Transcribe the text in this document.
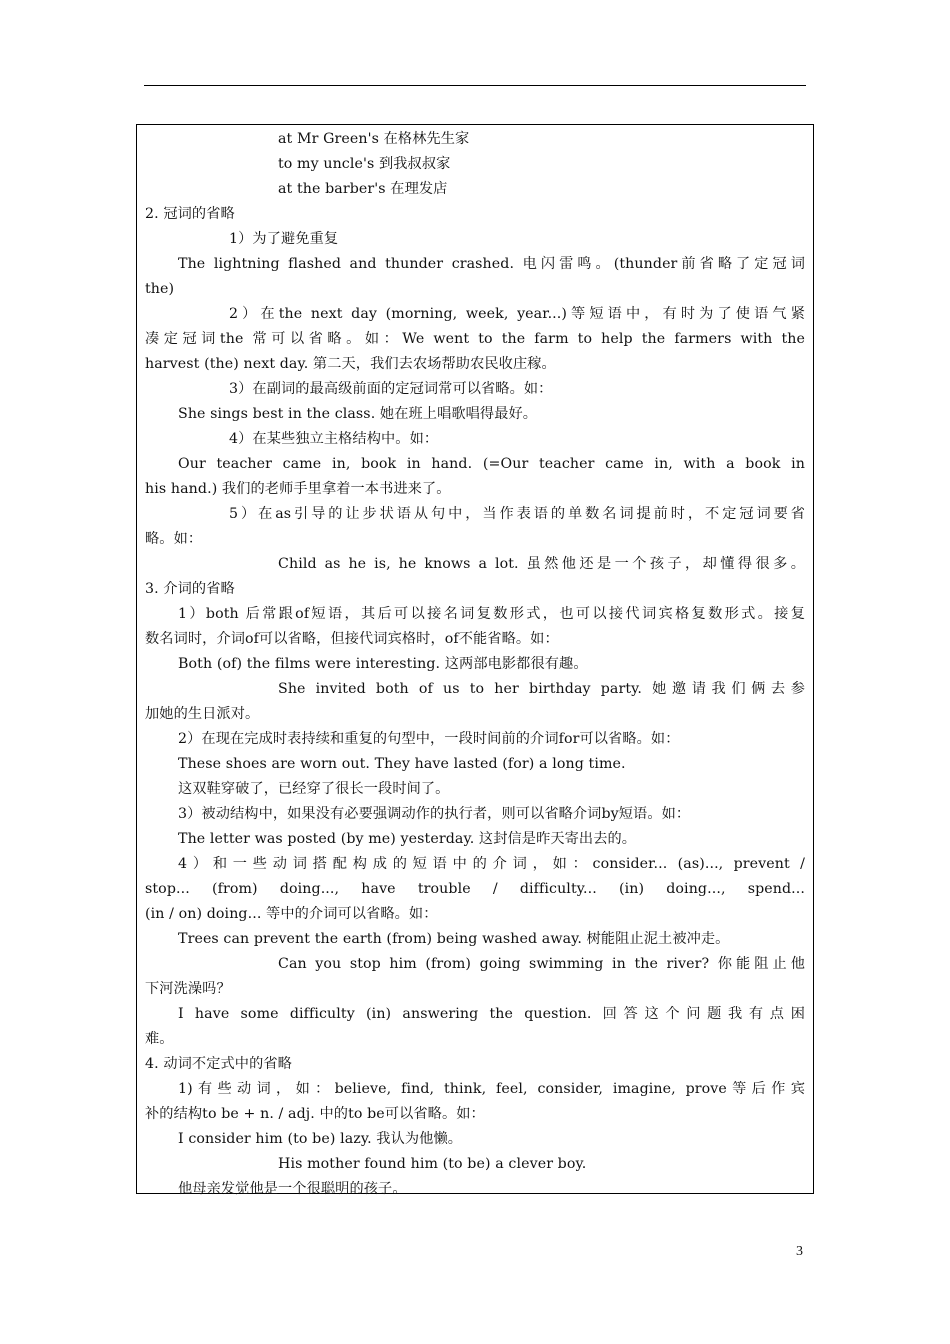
at Mr Green's 在格林先生家
to my uncle's 到我叔叔家
at the barber's 在理发店
2. 冠词的省略
1）为了避免重复
The lightning flashed and thunder crashed. 电闪雷鸣。(thunder前省略了定冠词
the)
2）在the next day (morning, week, year...)等短语中，有时为了使语气紧
凑定冠词the 常可以省略。如：We went to the farm to help the farmers with the
harvest (the) next day. 第二天，我们去农场帮助农民收庄稼。
3）在副词的最高级前面的定冠词常可以省略。如：
She sings best in the class. 她在班上唱歌唱得最好。
4）在某些独立主格结构中。如：
Our teacher came in, book in hand. (=Our teacher came in, with a book in
his hand.) 我们的老师手里拿着一本书进来了。
5）在as引导的让步状语从句中，当作表语的单数名词提前时，不定冠词要省
略。如：
Child as he is, he knows a lot. 虽然他还是一个孩子，却懂得很多。
3. 介词的省略
1）both 后常跟of短语，其后可以接名词复数形式，也可以接代词宾格复数形式。接复
数名词时，介词of可以省略，但接代词宾格时，of不能省略。如：
Both (of) the films were interesting. 这两部电影都很有趣。
She invited both of us to her birthday party. 她邀请我们俩去参
加她的生日派对。
2）在现在完成时表持续和重复的句型中，一段时间前的介词for可以省略。如：
These shoes are worn out. They have lasted (for) a long time.
这双鞋穿破了，已经穿了很长一段时间了。
3）被动结构中，如果没有必要强调动作的执行者，则可以省略介词by短语。如：
The letter was posted (by me) yesterday. 这封信是昨天寄出去的。
4）和一些动词搭配构成的短语中的介词，如：consider... (as)..., prevent /
stop... (from) doing..., have trouble / difficulty... (in) doing..., spend...
(in / on) doing... 等中的介词可以省略。如：
Trees can prevent the earth (from) being washed away. 树能阻止泥土被冲走。
Can you stop him (from) going swimming in the river? 你能阻止他
下河洗澡吗？
I have some difficulty (in) answering the question. 回答这个问题我有点困
难。
4. 动词不定式中的省略
1)有些动词，如：believe, find, think, feel, consider, imagine, prove等后作宾
补的结构to be + n. / adj. 中的to be可以省略。如：
I consider him (to be) lazy. 我认为他懒。
His mother found him (to be) a clever boy.
他母亲发觉他是一个很聪明的孩子。
3
